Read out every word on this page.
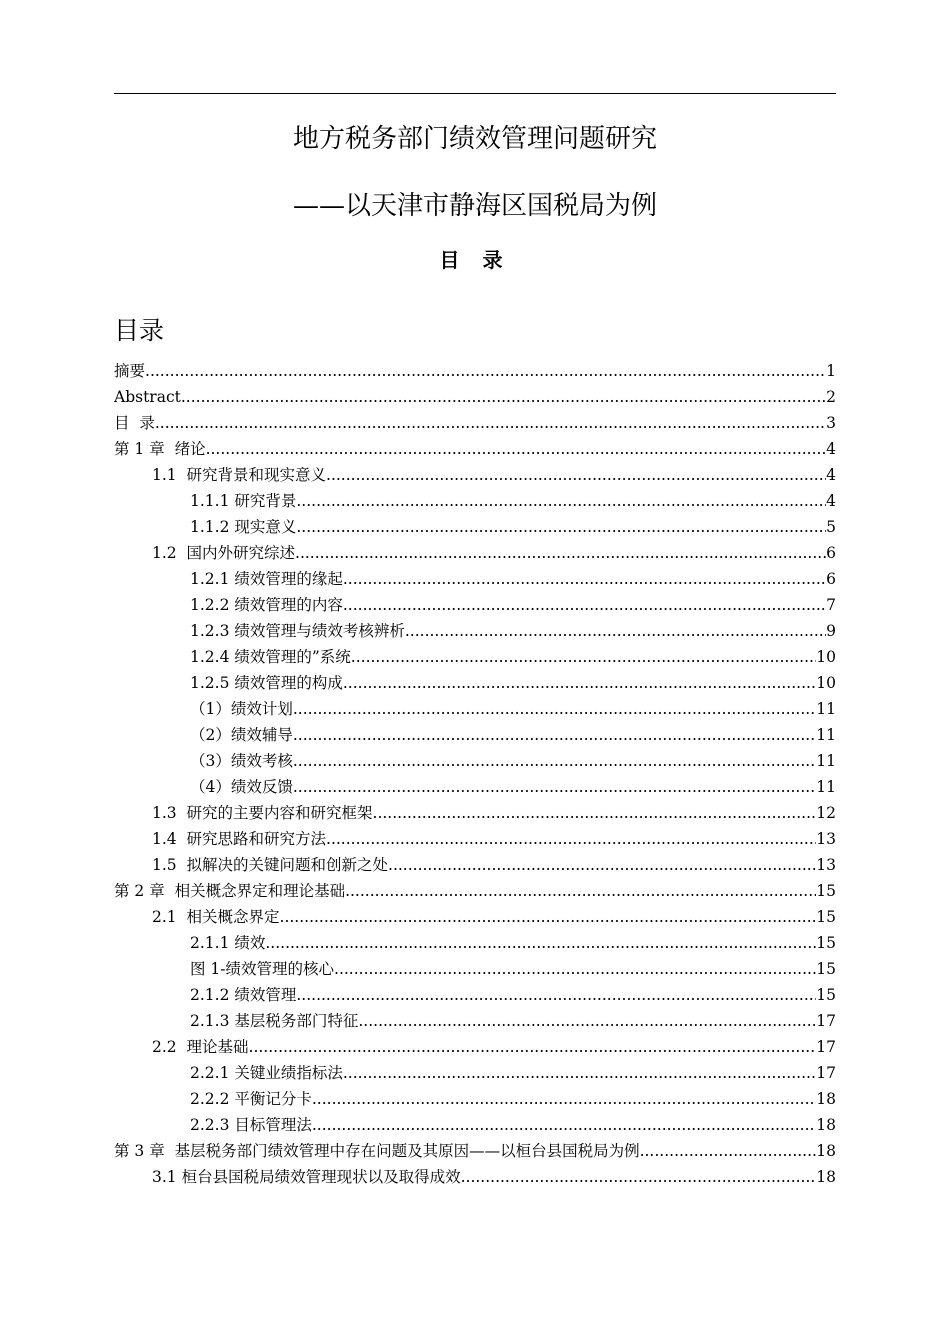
地方税务部门绩效管理问题研究
——以天津市静海区国税局为例
目 录
目录
摘要 .....	1
Abstract .....	2
目  录 .....	3
第 1 章  绪论 .....	4
1.1  研究背景和现实意义 .....	4
1.1.1 研究背景 .....	4
1.1.2 现实意义 .....	5
1.2  国内外研究综述 .....	6
1.2.1 绩效管理的缘起 .....	6
1.2.2 绩效管理的内容 .....	7
1.2.3 绩效管理与绩效考核辨析 .....	9
1.2.4 绩效管理的”系统 .....	10
1.2.5 绩效管理的构成 .....	10
（1）绩效计划 .....	11
（2）绩效辅导 .....	11
（3）绩效考核 .....	11
（4）绩效反馈 .....	11
1.3  研究的主要内容和研究框架 .....	12
1.4  研究思路和研究方法 .....	13
1.5  拟解决的关键问题和创新之处 .....	13
第 2 章  相关概念界定和理论基础 .....	15
2.1  相关概念界定 .....	15
2.1.1 绩效 .....	15
图 1-绩效管理的核心 .....	15
2.1.2 绩效管理 .....	15
2.1.3 基层税务部门特征 .....	17
2.2  理论基础 .....	17
2.2.1 关键业绩指标法 .....	17
2.2.2 平衡记分卡 .....	18
2.2.3 目标管理法 .....	18
第 3 章  基层税务部门绩效管理中存在问题及其原因——以桓台县国税局为例 .....	18
3.1 桓台县国税局绩效管理现状以及取得成效 .....	18
